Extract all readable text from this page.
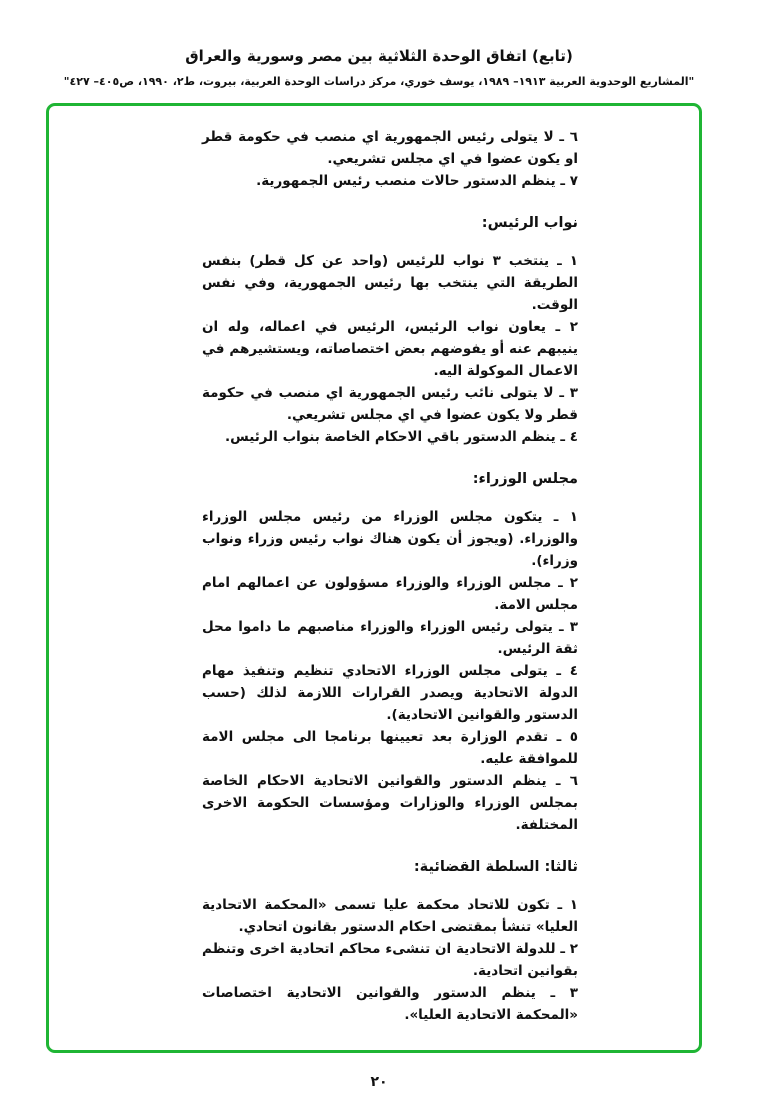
(تابع) اتفاق الوحدة الثلاثية بين مصر وسورية والعراق
"المشاريع الوحدوية العربية ١٩١٣– ١٩٨٩، يوسف خوري، مركز دراسات الوحدة العربية، بيروت، ط٢، ١٩٩٠، ص٤٠٥– ٤٢٧"

٦ ـ لا يتولى رئيس الجمهورية اي منصب في حكومة قطر او يكون عضوا في اي مجلس تشريعي.

٧ ـ ينظم الدستور حالات منصب رئيس الجمهورية.

نواب الرئيس:

١ ـ ينتخب ٣ نواب للرئيس (واحد عن كل قطر) بنفس الطريقة التي ينتخب بها رئيس الجمهورية، وفي نفس الوقت.

٢ ـ يعاون نواب الرئيس، الرئيس في اعماله، وله ان ينيبهم عنه أو يفوضهم بعض اختصاصاته، ويستشيرهم في الاعمال الموكولة اليه.

٣ ـ لا يتولى نائب رئيس الجمهورية اي منصب في حكومة قطر ولا يكون عضوا في اي مجلس تشريعي.

٤ ـ ينظم الدستور باقي الاحكام الخاصة بنواب الرئيس.

مجلس الوزراء:

١ ـ يتكون مجلس الوزراء من رئيس مجلس الوزراء والوزراء. (ويجوز أن يكون هناك نواب رئيس وزراء ونواب وزراء).

٢ ـ مجلس الوزراء والوزراء مسؤولون عن اعمالهم امام مجلس الامة.

٣ ـ يتولى رئيس الوزراء والوزراء مناصبهم ما داموا محل ثقة الرئيس.

٤ ـ يتولى مجلس الوزراء الاتحادي تنظيم وتنفيذ مهام الدولة الاتحادية ويصدر القرارات اللازمة لذلك (حسب الدستور والقوانين الاتحادية).

٥ ـ تقدم الوزارة بعد تعيينها برنامجا الى مجلس الامة للموافقة عليه.

٦ ـ ينظم الدستور والقوانين الاتحادية الاحكام الخاصة بمجلس الوزراء والوزارات ومؤسسات الحكومة الاخرى المختلفة.

ثالثا: السلطة القضائية:

١ ـ تكون للاتحاد محكمة عليا تسمى «المحكمة الاتحادية العليا» تنشأ بمقتضى احكام الدستور بقانون اتحادي.

٢ ـ للدولة الاتحادية ان تنشىء محاكم اتحادية اخرى وتنظم بقوانين اتحادية.

٣ ـ ينظم الدستور والقوانين الاتحادية اختصاصات «المحكمة الاتحادية العليا».

٢٠
